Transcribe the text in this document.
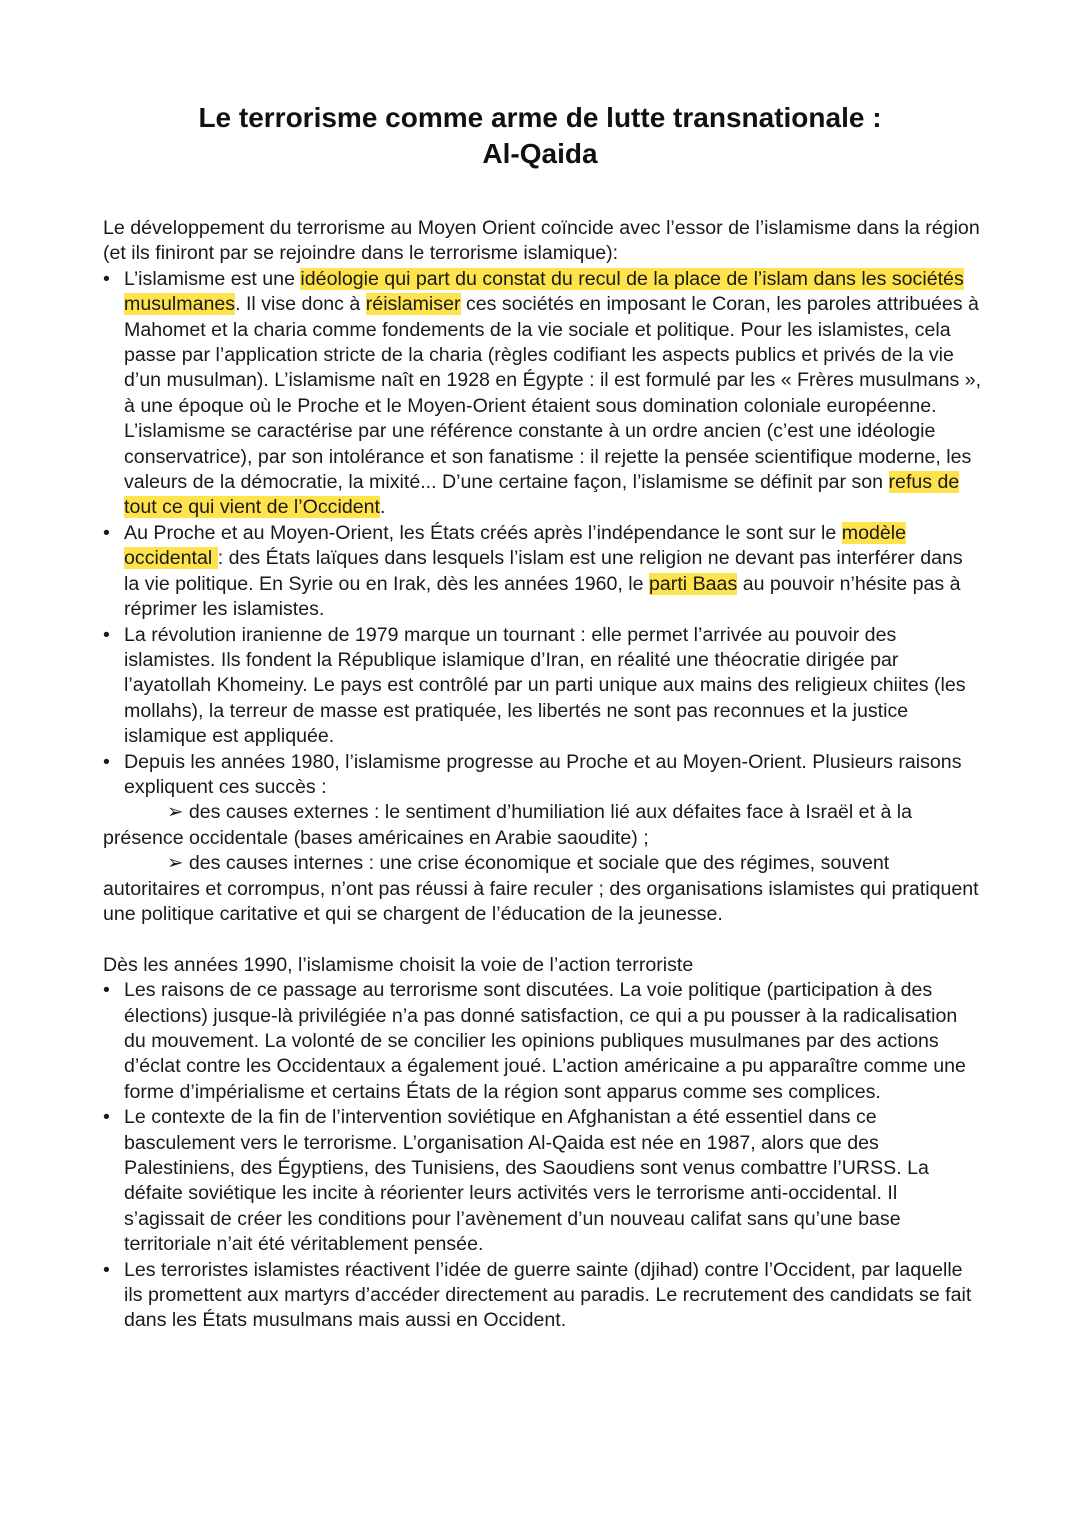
Le terrorisme comme arme de lutte transnationale :
Al-Qaida

Le développement du terrorisme au Moyen Orient coïncide avec l’essor de l’islamisme dans la région (et ils finiront par se rejoindre dans le terrorisme islamique):

• L’islamisme est une idéologie qui part du constat du recul de la place de l’islam dans les sociétés musulmanes. Il vise donc à réislamiser ces sociétés en imposant le Coran, les paroles attribuées à Mahomet et la charia comme fondements de la vie sociale et politique. Pour les islamistes, cela passe par l’application stricte de la charia (règles codifiant les aspects publics et privés de la vie d’un musulman). L’islamisme naît en 1928 en Égypte : il est formulé par les « Frères musulmans », à une époque où le Proche et le Moyen-Orient étaient sous domination coloniale européenne. L’islamisme se caractérise par une référence constante à un ordre ancien (c’est une idéologie conservatrice), par son intolérance et son fanatisme : il rejette la pensée scientifique moderne, les valeurs de la démocratie, la mixité... D’une certaine façon, l’islamisme se définit par son refus de tout ce qui vient de l’Occident.
• Au Proche et au Moyen-Orient, les États créés après l’indépendance le sont sur le modèle occidental : des États laïques dans lesquels l’islam est une religion ne devant pas interférer dans la vie politique. En Syrie ou en Irak, dès les années 1960, le parti Baas au pouvoir n’hésite pas à réprimer les islamistes.
• La révolution iranienne de 1979 marque un tournant : elle permet l’arrivée au pouvoir des islamistes. Ils fondent la République islamique d’Iran, en réalité une théocratie dirigée par l’ayatollah Khomeiny. Le pays est contrôlé par un parti unique aux mains des religieux chiites (les mollahs), la terreur de masse est pratiquée, les libertés ne sont pas reconnues et la justice islamique est appliquée.
• Depuis les années 1980, l’islamisme progresse au Proche et au Moyen-Orient. Plusieurs raisons expliquent ces succès :

➢ des causes externes : le sentiment d’humiliation lié aux défaites face à Israël et à la présence occidentale (bases américaines en Arabie saoudite) ;

➢ des causes internes : une crise économique et sociale que des régimes, souvent autoritaires et corrompus, n’ont pas réussi à faire reculer ; des organisations islamistes qui pratiquent une politique caritative et qui se chargent de l’éducation de la jeunesse.

Dès les années 1990, l’islamisme choisit la voie de l’action terroriste

• Les raisons de ce passage au terrorisme sont discutées. La voie politique (participation à des élections) jusque-là privilégiée n’a pas donné satisfaction, ce qui a pu pousser à la radicalisation du mouvement. La volonté de se concilier les opinions publiques musulmanes par des actions d’éclat contre les Occidentaux a également joué. L’action américaine a pu apparaître comme une forme d’impérialisme et certains États de la région sont apparus comme ses complices.
• Le contexte de la fin de l’intervention soviétique en Afghanistan a été essentiel dans ce basculement vers le terrorisme. L’organisation Al-Qaida est née en 1987, alors que des Palestiniens, des Égyptiens, des Tunisiens, des Saoudiens sont venus combattre l’URSS. La défaite soviétique les incite à réorienter leurs activités vers le terrorisme anti-occidental. Il s’agissait de créer les conditions pour l’avènement d’un nouveau califat sans qu’une base territoriale n’ait été véritablement pensée.
• Les terroristes islamistes réactivent l’idée de guerre sainte (djihad) contre l’Occident, par laquelle ils promettent aux martyrs d’accéder directement au paradis. Le recrutement des candidats se fait dans les États musulmans mais aussi en Occident.
